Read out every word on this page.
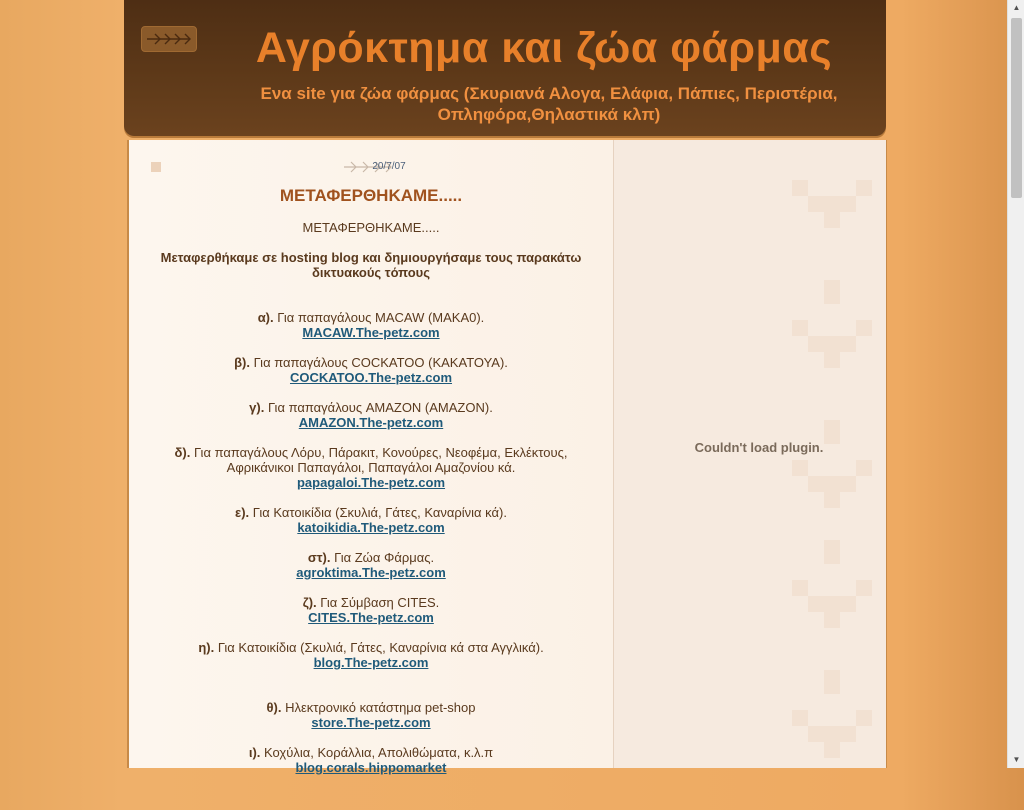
Αγρόκτημα και ζώα φάρμας
Ενα site για ζώα φάρμας (Σκυριανά Αλογα, Ελάφια, Πάπιες, Περιστέρια, Οπληφόρα,Θηλαστικά κλπ)
20/7/07
ΜΕΤΑΦΕΡΘΗΚΑΜΕ.....
ΜΕΤΑΦΕΡΘΗΚΑΜΕ.....
Μεταφερθήκαμε σε hosting blog και δημιουργήσαμε τους παρακάτω δικτυακούς τόπους
α). Για παπαγάλους MACAW (ΜΑΚΑ0).
MACAW.The-petz.com
β). Για παπαγάλους COCKATOO (ΚΑΚΑΤΟΥΑ).
COCKATOO.The-petz.com
γ). Για παπαγάλους AMAZON (AMAZON).
AMAZON.The-petz.com
δ). Για παπαγάλους Λόρυ, Πάρακιτ, Κονούρες, Νεοφέμα, Εκλέκτους, Αφρικάνικοι Παπαγάλοι, Παπαγάλοι Αμαζονίου κά.
papagaloi.The-petz.com
ε). Για Κατοικίδια (Σκυλιά, Γάτες, Καναρίνια κά).
katoikidia.The-petz.com
στ). Για Ζώα Φάρμας.
agroktima.The-petz.com
ζ). Για Σύμβαση CITES.
CITES.The-petz.com
η). Για Κατοικίδια (Σκυλιά, Γάτες, Καναρίνια κά στα Αγγλικά).
blog.The-petz.com
θ). Ηλεκτρονικό κατάστημα pet-shop
store.The-petz.com
ι). Κοχύλια, Κοράλλια, Απολιθώματα, κ.λ.π
blog.corals.hippomarket
Couldn't load plugin.
▲
▼
